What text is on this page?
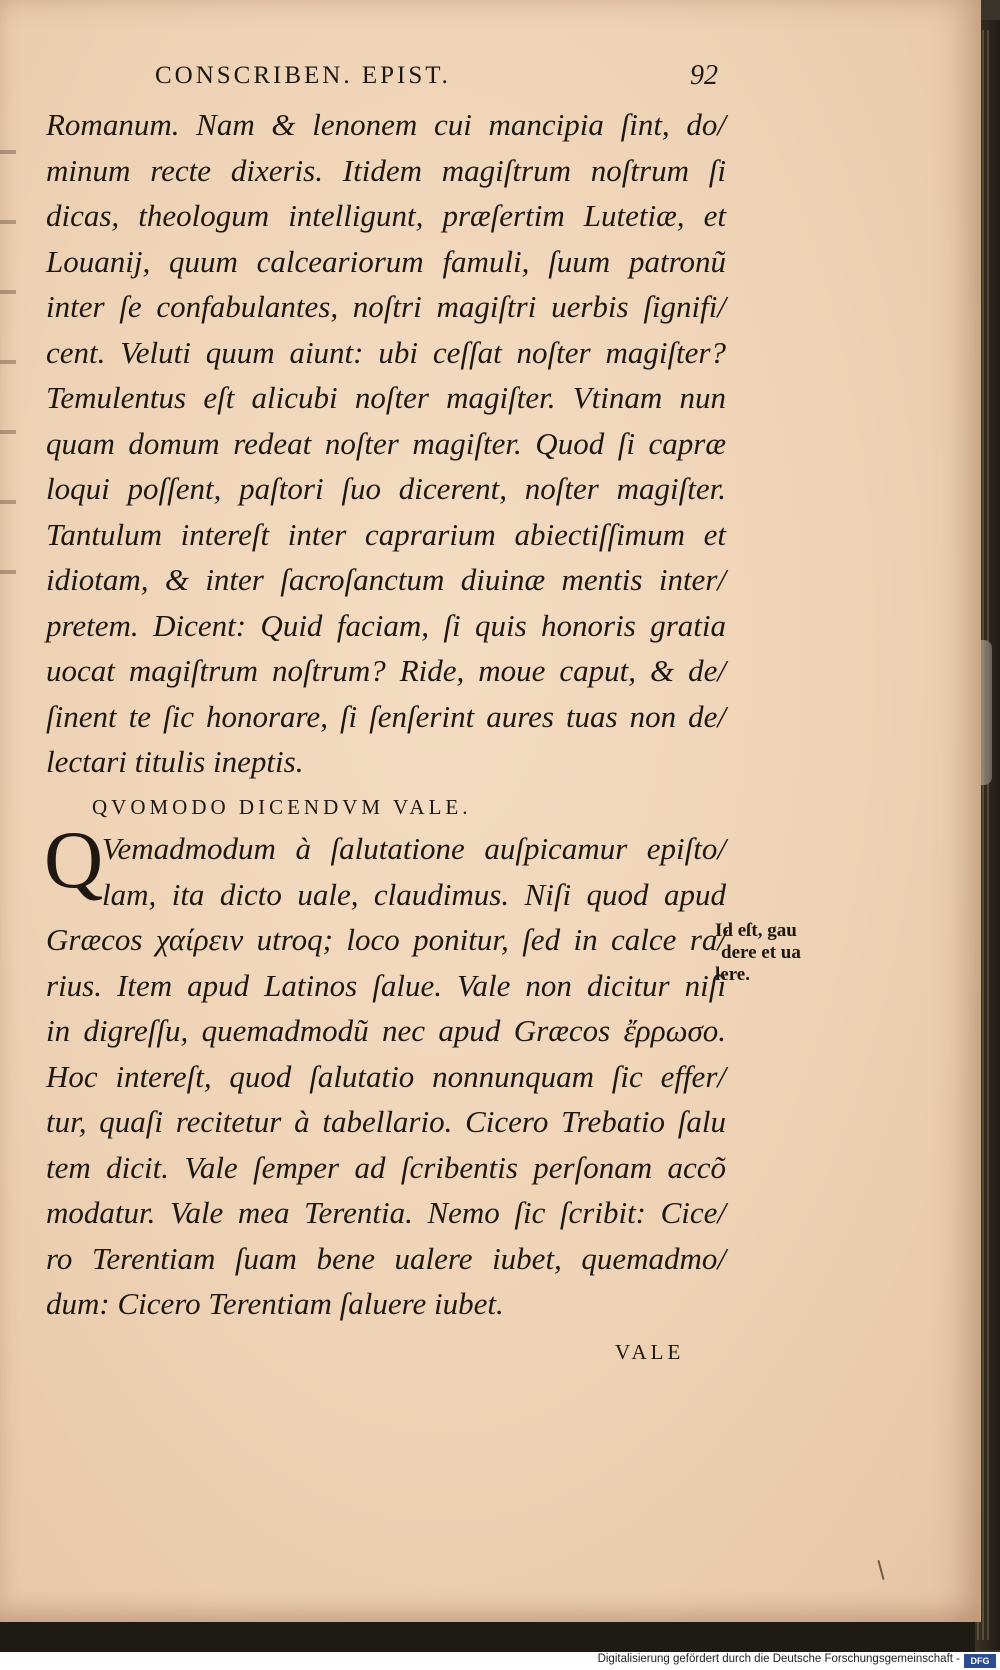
CONSCRIBEN. EPIST.	92
Romanum. Nam & lenonem cui mancipia ſint, do/
minum recte dixeris. Itidem magiſtrum noſtrum ſi
dicas, theologum intelligunt, præſertim Lutetiæ, et
Louanij, quum calceariorum famuli, ſuum patronũ
inter ſe confabulantes, noſtri magiſtri uerbis ſignifi/
cent. Veluti quum aiunt: ubi ceſſat noſter magiſter?
Temulentus eſt alicubi noſter magiſter. Vtinam nun
quam domum redeat noſter magiſter. Quod ſi capræ
loqui poſſent, paſtori ſuo dicerent, noſter magiſter.
Tantulum intereſt inter caprarium abiectiſſimum et
idiotam, & inter ſacroſanctum diuinæ mentis inter/
pretem. Dicent: Quid faciam, ſi quis honoris gratia
uocat magiſtrum noſtrum? Ride, moue caput, & de/
ſinent te ſic honorare, ſi ſenſerint aures tuas non de/
lectari titulis ineptis.
QVOMODO DICENDVM VALE.
Q
Vemadmodum à ſalutatione auſpicamur epiſto/
lam, ita dicto uale, claudimus. Niſi quod apud
Græcos χαίρειν utroq; loco ponitur, ſed in calce ra/
rius. Item apud Latinos ſalue. Vale non dicitur niſi
in digreſſu, quemadmodũ nec apud Græcos ἔρρωσο.
Hoc intereſt, quod ſalutatio nonnunquam ſic effer/
tur, quaſi recitetur à tabellario. Cicero Trebatio ſalu
tem dicit. Vale ſemper ad ſcribentis perſonam accõ
modatur. Vale mea Terentia. Nemo ſic ſcribit: Cice/
ro Terentiam ſuam bene ualere iubet, quemadmo/
dum: Cicero Terentiam ſaluere iubet.
Id eſt, gau
dere et ua
lere.
VALE
Digitalisierung gefördert durch die Deutsche Forschungsgemeinschaft -	DFG
